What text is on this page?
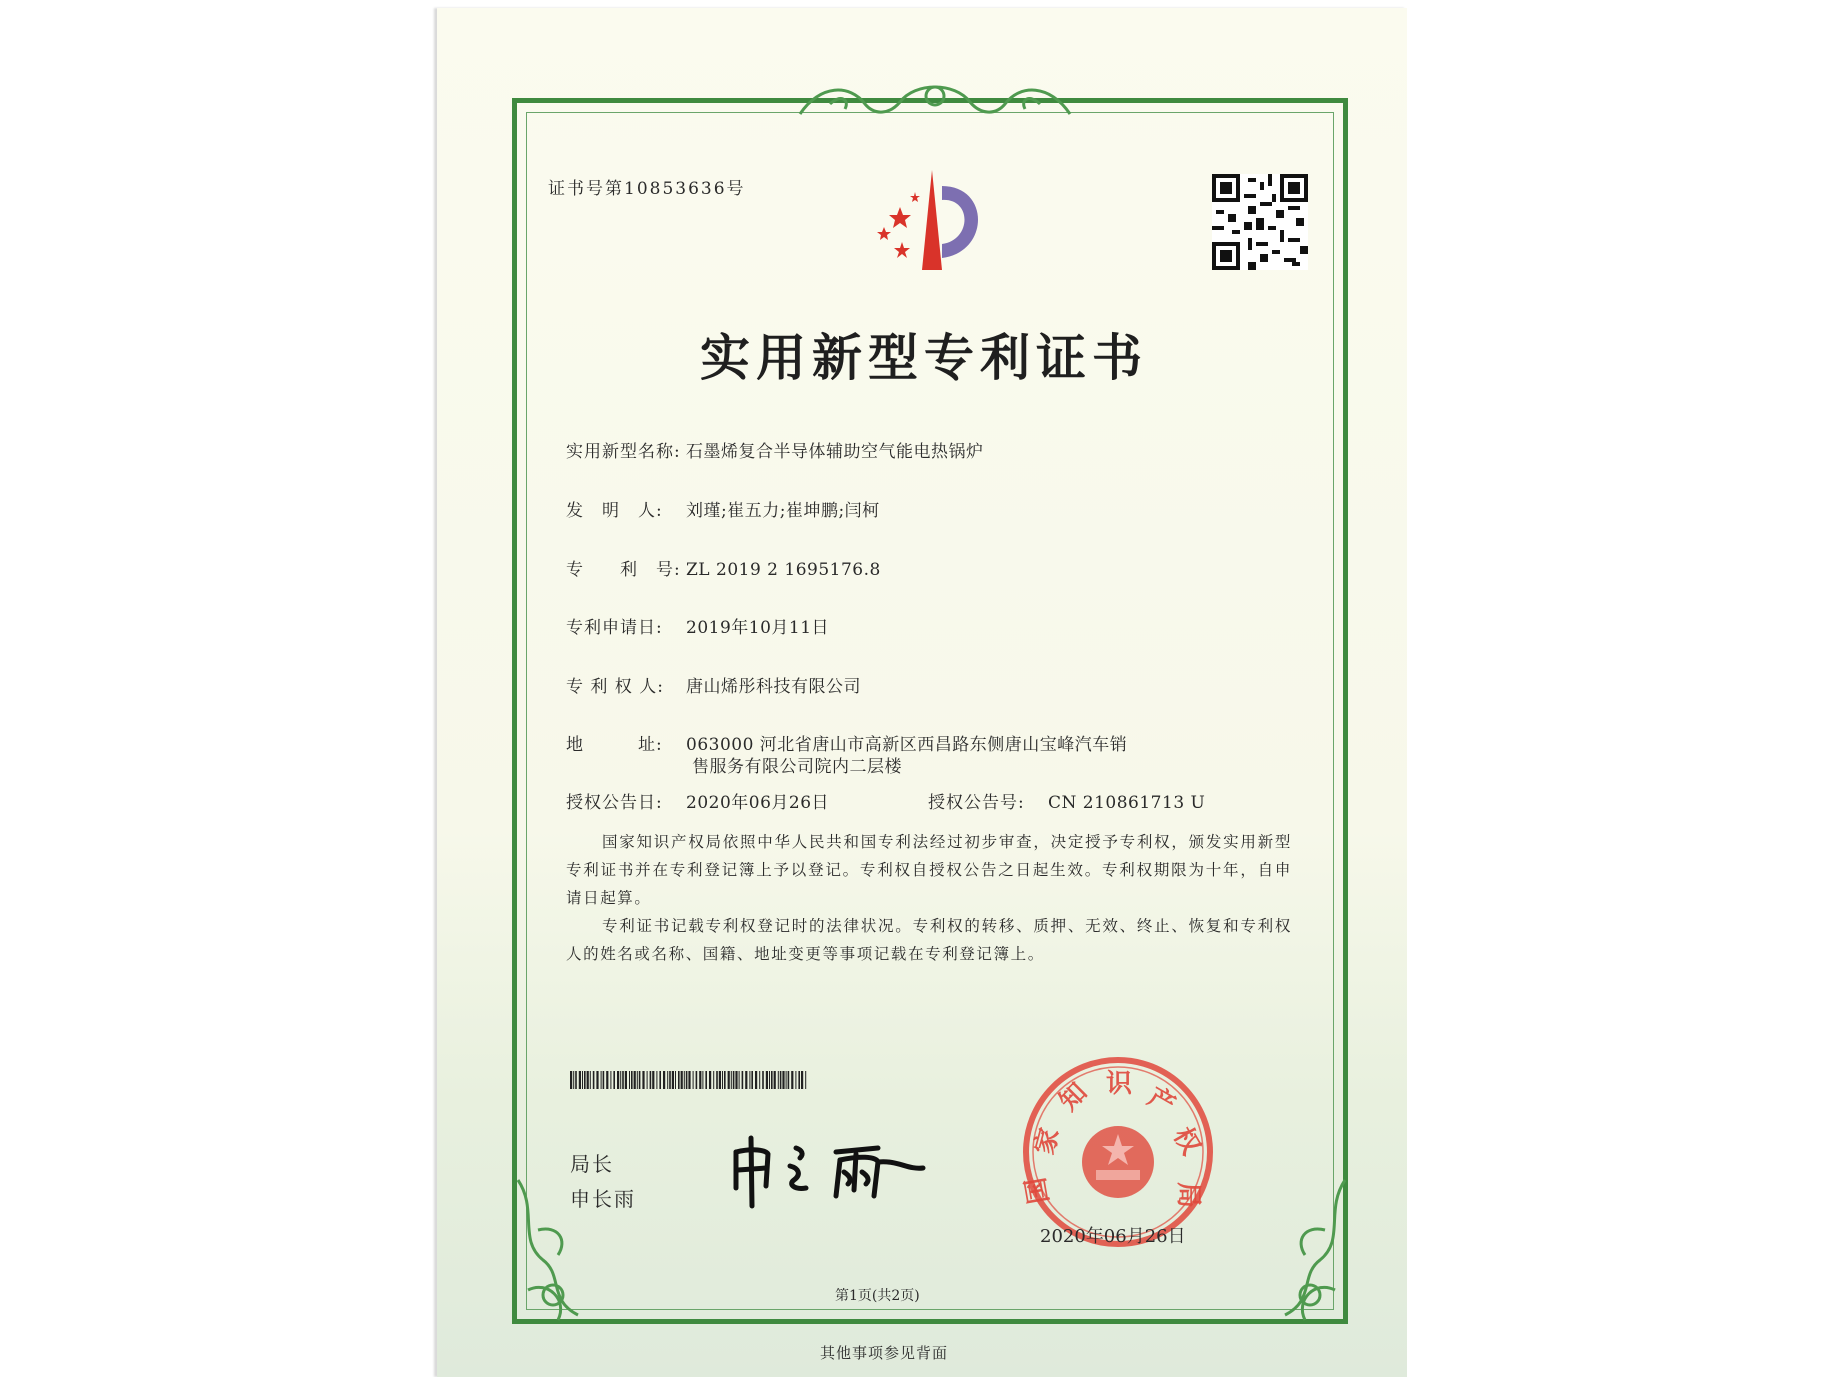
证书号第10853636号
实用新型专利证书
实用新型名称: 石墨烯复合半导体辅助空气能电热锅炉
发　明　人: 刘瑾;崔五力;崔坤鹏;闫柯
专　　利　号: ZL 2019 2 1695176.8
专利申请日: 2019年10月11日
专 利 权 人: 唐山烯彤科技有限公司
地　　　址: 063000 河北省唐山市高新区西昌路东侧唐山宝峰汽车销
售服务有限公司院内二层楼
授权公告日: 2020年06月26日	授权公告号: CN 210861713 U

国家知识产权局依照中华人民共和国专利法经过初步审查，决定授予专利权，颁发实用新型专利证书并在专利登记簿上予以登记。专利权自授权公告之日起生效。专利权期限为十年，自申请日起算。

专利证书记载专利权登记时的法律状况。专利权的转移、质押、无效、终止、恢复和专利权人的姓名或名称、国籍、地址变更等事项记载在专利登记簿上。

局长
申长雨
家
知 识 产
权
局
国
2020年06月26日
第1页(共2页)
其他事项参见背面
